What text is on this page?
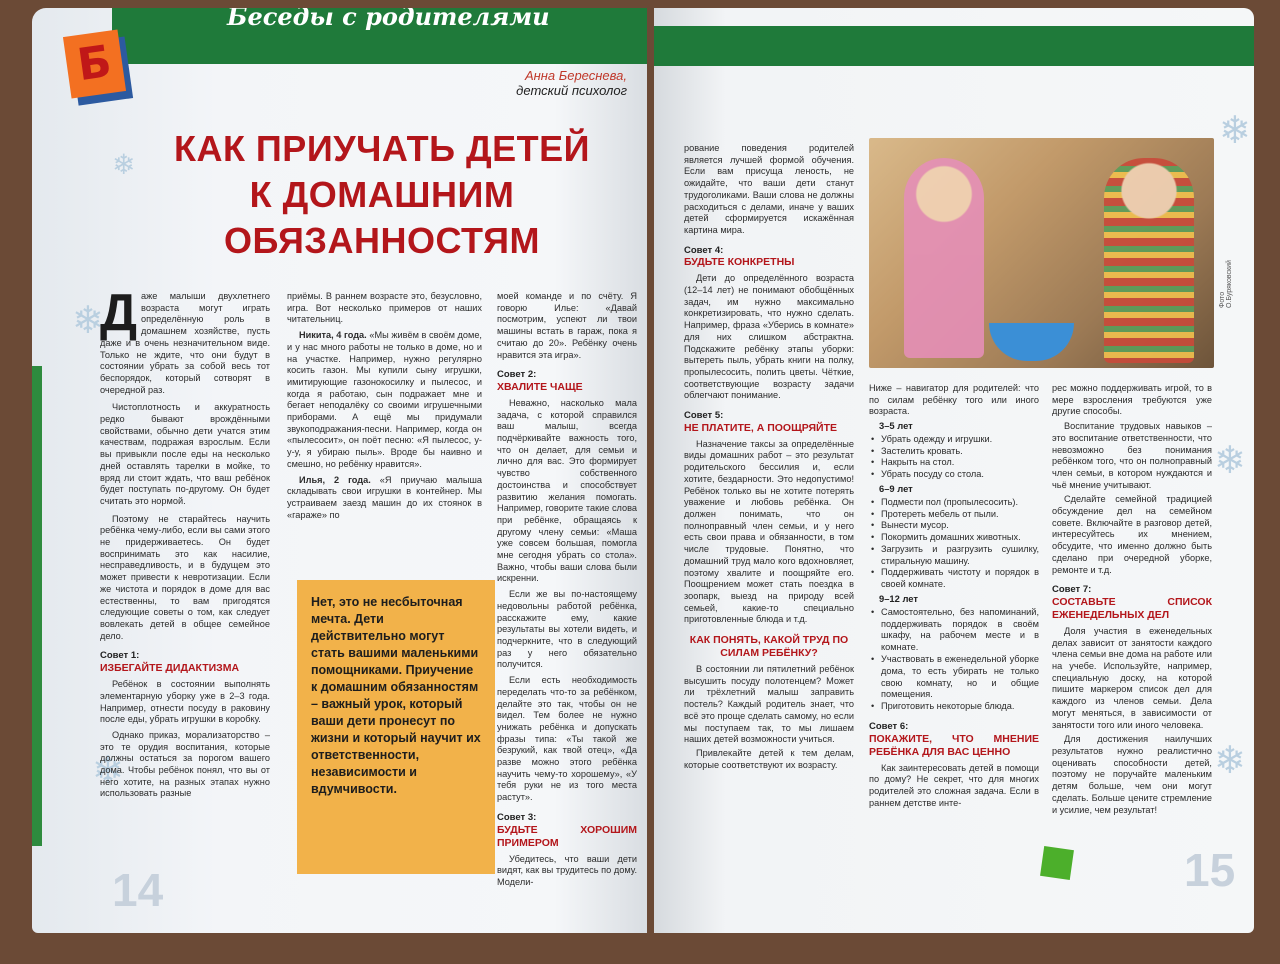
Беседы с родителями
❄
❄
❄
Анна Береснева,
детский психолог
КАК ПРИУЧАТЬ ДЕТЕЙ
К ДОМАШНИМ
ОБЯЗАННОСТЯМ
Даже малыши двухлетнего возраста могут играть определённую роль в домашнем хозяйстве, пусть даже и в очень незначительном виде. Только не ждите, что они будут в состоянии убрать за собой весь тот беспорядок, который сотворят в очередной раз.

Чистоплотность и аккуратность редко бывают врождёнными свойствами, обычно дети учатся этим качествам, подражая взрослым. Если вы привыкли после еды на несколько дней оставлять тарелки в мойке, то вряд ли стоит ждать, что ваш ребёнок будет поступать по-другому. Он будет считать это нормой.

Поэтому не старайтесь научить ребёнка чему-либо, если вы сами этого не придерживаетесь. Он будет воспринимать это как насилие, несправедливость, и в будущем это может привести к невротизации. Если же чистота и порядок в доме для вас естественны, то вам пригодятся следующие советы о том, как следует вовлекать детей в общее семейное дело.

Совет 1:
ИЗБЕГАЙТЕ ДИДАКТИЗМА

Ребёнок в состоянии выполнять элементарную уборку уже в 2–3 года. Например, отнести посуду в раковину после еды, убрать игрушки в коробку.

Однако приказ, морализаторство – это те орудия воспитания, которые должны остаться за порогом вашего дома. Чтобы ребёнок понял, что вы от него хотите, на разных этапах нужно использовать разные

приёмы. В раннем возрасте это, безусловно, игра. Вот несколько примеров от наших читательниц.

Никита, 4 года. «Мы живём в своём доме, и у нас много работы не только в доме, но и на участке. Например, нужно регулярно косить газон. Мы купили сыну игрушки, имитирующие газонокосилку и пылесос, и когда я работаю, сын подражает мне и бегает неподалёку со своими игрушечными приборами. А ещё мы придумали звукоподражания-песни. Например, когда он «пылесосит», он поёт песню: «Я пылесос, у-у-у, я убираю пыль». Вроде бы наивно и смешно, но ребёнку нравится».

Илья, 2 года. «Я приучаю малыша складывать свои игрушки в контейнер. Мы устраиваем заезд машин до их стоянок в «гараже» по

Нет, это не несбыточная мечта. Дети действительно могут стать вашими маленькими помощниками. Приучение к домашним обязанностям – важный урок, который ваши дети пронесут по жизни и который научит их ответственности, независимости и вдумчивости.

моей команде и по счёту. Я говорю Илье: «Давай посмотрим, успеют ли твои машины встать в гараж, пока я считаю до 20». Ребёнку очень нравится эта игра».

Совет 2:
ХВАЛИТЕ ЧАЩЕ

Неважно, насколько мала задача, с которой справился ваш малыш, всегда подчёркивайте важность того, что он делает, для семьи и лично для вас. Это формирует чувство собственного достоинства и способствует развитию желания помогать. Например, говорите такие слова при ребёнке, обращаясь к другому члену семьи: «Маша уже совсем большая, помогла мне сегодня убрать со стола». Важно, чтобы ваши слова были искренни.

Если же вы по-настоящему недовольны работой ребёнка, расскажите ему, какие результаты вы хотели видеть, и подчеркните, что в следующий раз у него обязательно получится.

Если есть необходимость переделать что-то за ребёнком, делайте это так, чтобы он не видел. Тем более не нужно унижать ребёнка и допускать фразы типа: «Ты такой же безрукий, как твой отец», «Да разве можно этого ребёнка научить чему-то хорошему», «У тебя руки не из того места растут».

Совет 3:
БУДЬТЕ ХОРОШИМ ПРИМЕРОМ

Убедитесь, что ваши дети видят, как вы трудитесь по дому. Модели-

14
Б
❄
❄
❄

рование поведения родителей является лучшей формой обучения. Если вам присуща леность, не ожидайте, что ваши дети станут трудоголиками. Ваши слова не должны расходиться с делами, иначе у ваших детей сформируется искажённая картина мира.

Совет 4:
БУДЬТЕ КОНКРЕТНЫ

Дети до определённого возраста (12–14 лет) не понимают обобщённых задач, им нужно максимально конкретизировать, что нужно сделать. Например, фраза «Уберись в комнате» для них слишком абстрактна. Подскажите ребёнку этапы уборки: вытереть пыль, убрать книги на полку, пропылесосить, полить цветы. Чёткие, соответствующие возрасту задачи облегчают понимание.

Совет 5:
НЕ ПЛАТИТЕ, А ПООЩРЯЙТЕ

Назначение таксы за определённые виды домашних работ – это результат родительского бессилия и, если хотите, бездарности. Это недопустимо! Ребёнок только вы не хотите потерять уважение и любовь ребёнка. Он должен понимать, что он полноправный член семьи, и у него есть свои права и обязанности, в том числе трудовые. Понятно, что домашний труд мало кого вдохновляет, поэтому хвалите и поощряйте его. Поощрением может стать поездка в зоопарк, выезд на природу всей семьей, какие-то специально приготовленные блюда и т.д.

КАК ПОНЯТЬ, КАКОЙ ТРУД ПО СИЛАМ РЕБЁНКУ?

В состоянии ли пятилетний ребёнок высушить посуду полотенцем? Может ли трёхлетний малыш заправить постель? Каждый родитель знает, что всё это проще сделать самому, но если мы поступаем так, то мы лишаем наших детей возможности учиться.

Привлекайте детей к тем делам, которые соответствуют их возрасту.

Фото О.Буряковский

Ниже – навигатор для родителей: что по силам ребёнку того или иного возраста.

3–5 лет
• Убрать одежду и игрушки.
• Застелить кровать.
• Накрыть на стол.
• Убрать посуду со стола.
6–9 лет
• Подмести пол (пропылесосить).
• Протереть мебель от пыли.
• Вынести мусор.
• Покормить домашних животных.
• Загрузить и разгрузить сушилку, стиральную машину.
• Поддерживать чистоту и порядок в своей комнате.
9–12 лет
• Самостоятельно, без напоминаний, поддерживать порядок в своём шкафу, на рабочем месте и в комнате.
• Участвовать в еженедельной уборке дома, то есть убирать не только свою комнату, но и общие помещения.
• Приготовить некоторые блюда.
Совет 6:
ПОКАЖИТЕ, ЧТО МНЕНИЕ РЕБЁНКА ДЛЯ ВАС ЦЕННО

Как заинтересовать детей в помощи по дому? Не секрет, что для многих родителей это сложная задача. Если в раннем детстве инте-

рес можно поддерживать игрой, то в мере взросления требуются уже другие способы.

Воспитание трудовых навыков – это воспитание ответственности, что невозможно без понимания ребёнком того, что он полноправный член семьи, в котором нуждаются и чьё мнение учитывают.

Сделайте семейной традицией обсуждение дел на семейном совете. Включайте в разговор детей, интересуйтесь их мнением, обсудите, что именно должно быть сделано при очередной уборке, ремонте и т.д.

Совет 7:
СОСТАВЬТЕ СПИСОК ЕЖЕНЕДЕЛЬНЫХ ДЕЛ

Доля участия в еженедельных делах зависит от занятости каждого члена семьи вне дома на работе или на учебе. Используйте, например, специальную доску, на которой пишите маркером список дел для каждого из членов семьи. Дела могут меняться, в зависимости от занятости того или иного человека.

Для достижения наилучших результатов нужно реалистично оценивать способности детей, поэтому не поручайте маленьким детям больше, чем они могут сделать. Больше цените стремление и усилие, чем результат!

15
